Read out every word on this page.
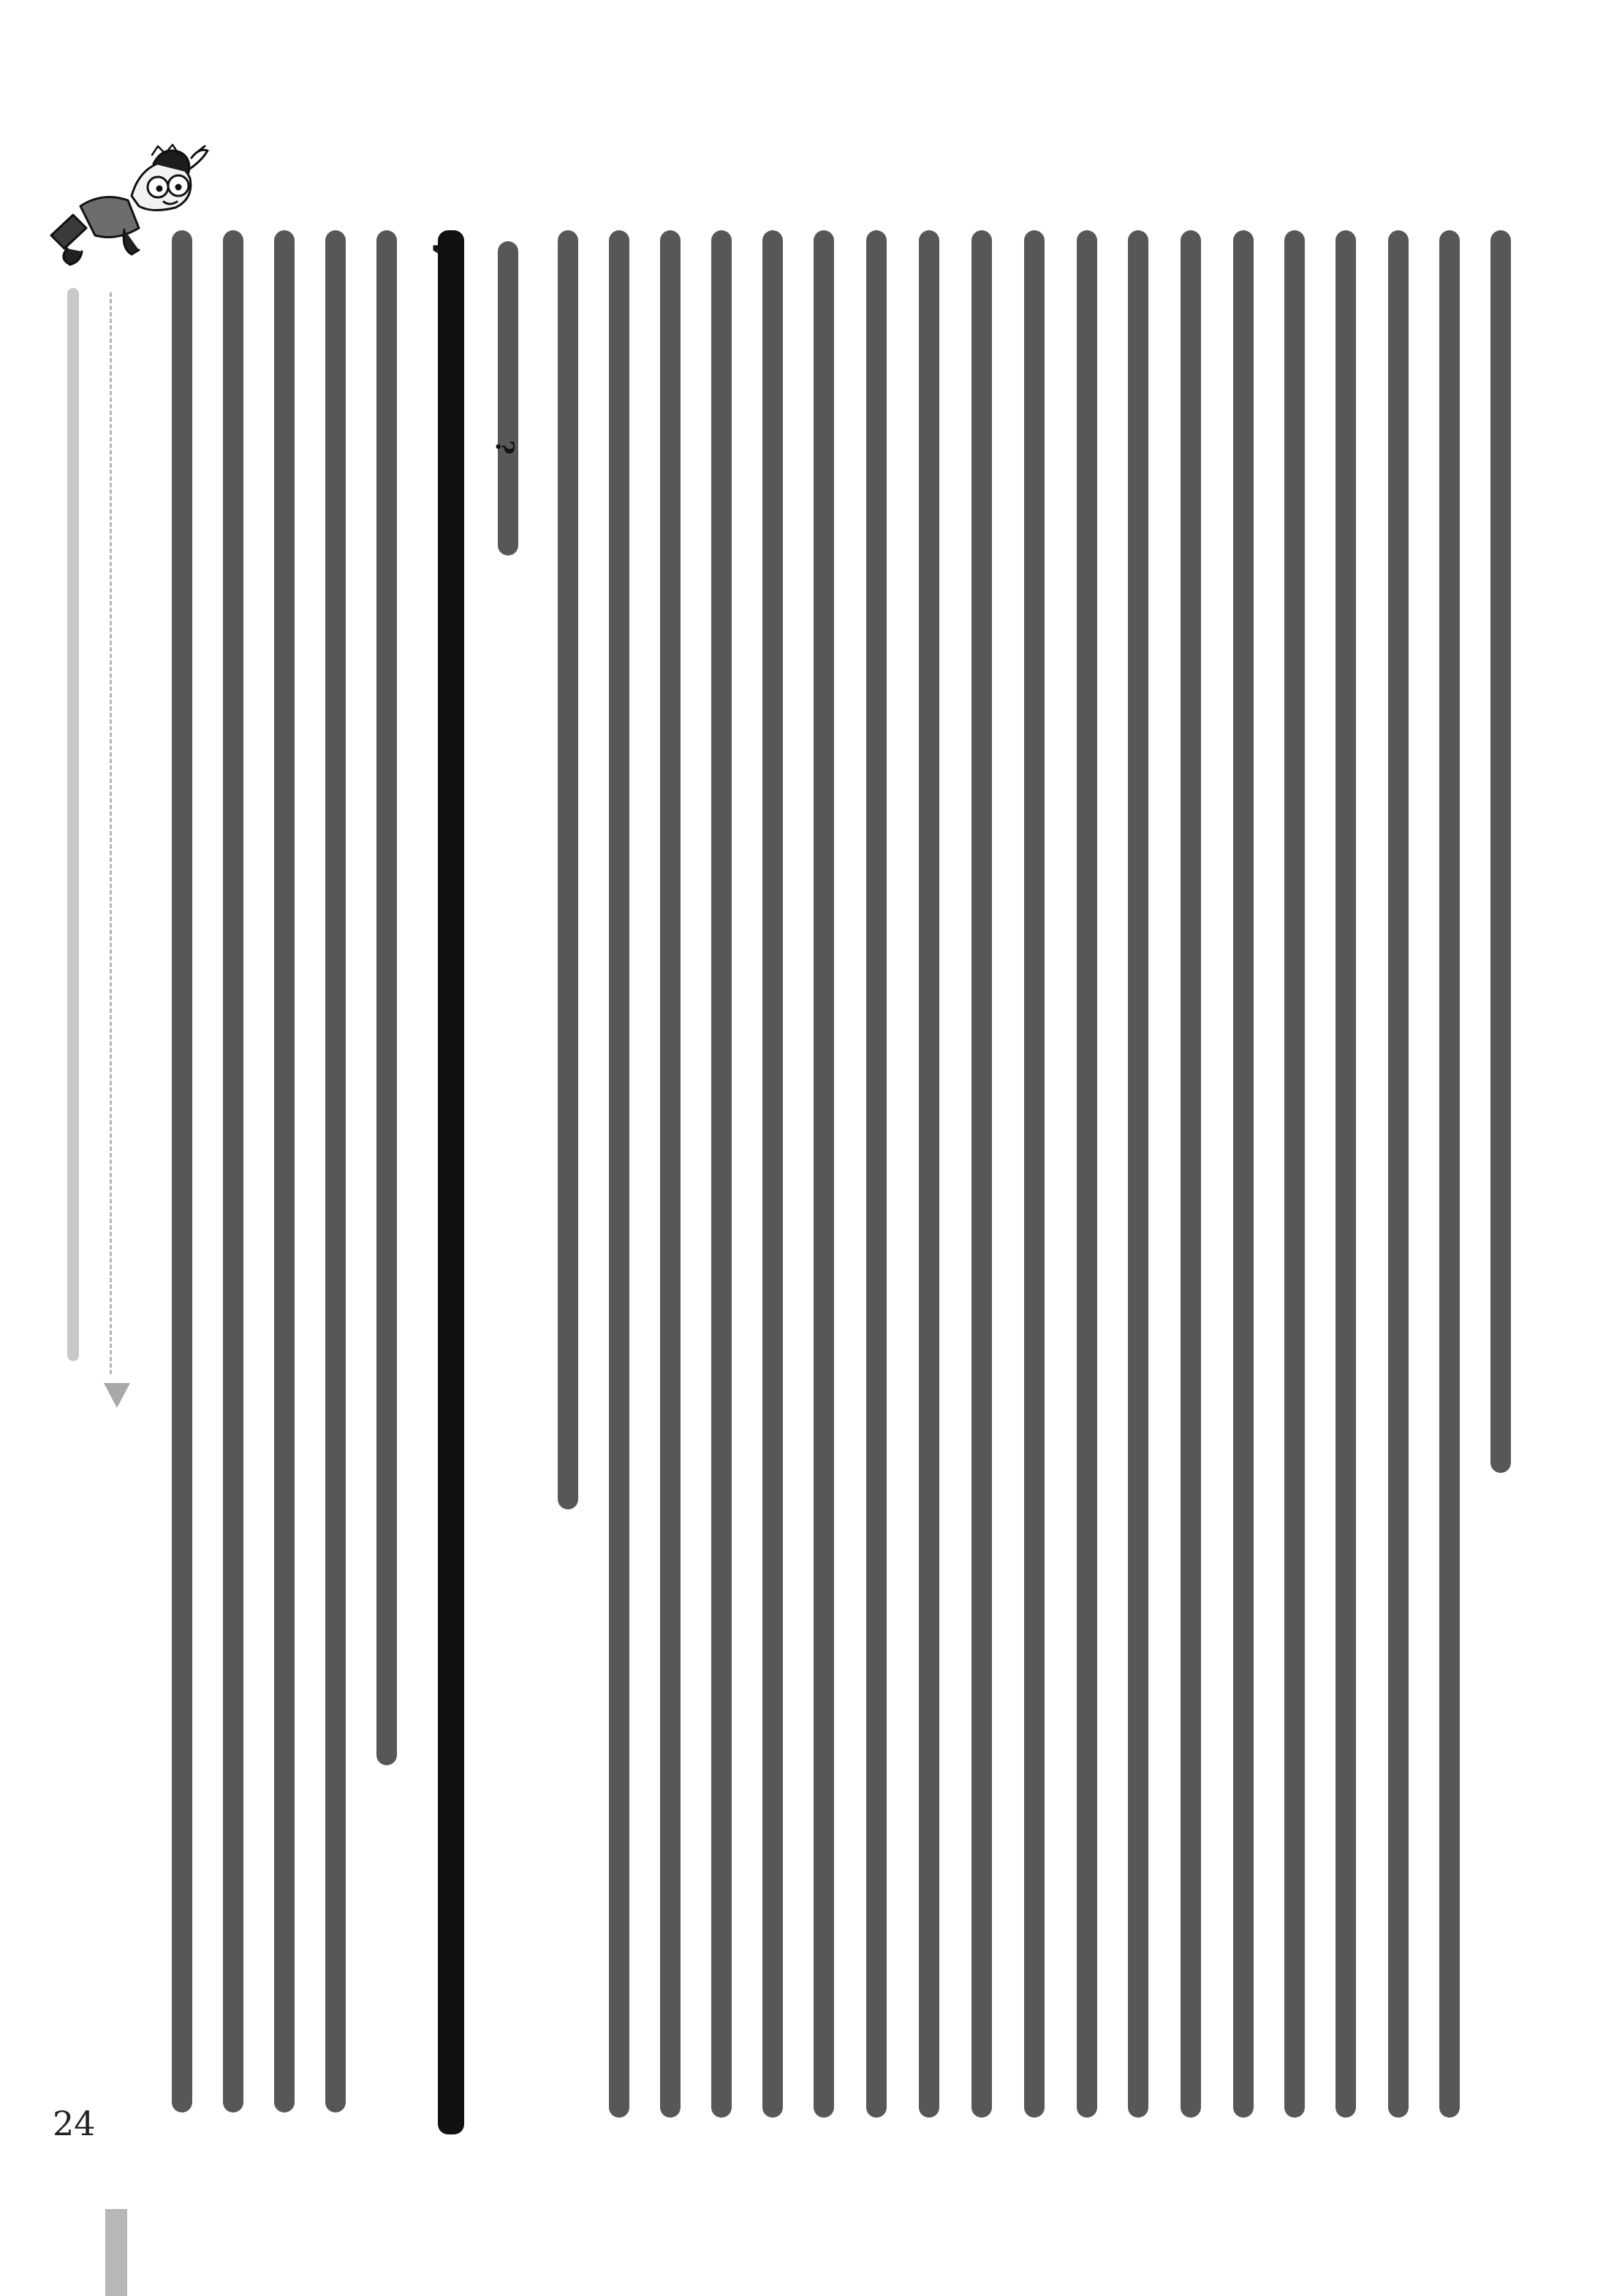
4.
?
24
